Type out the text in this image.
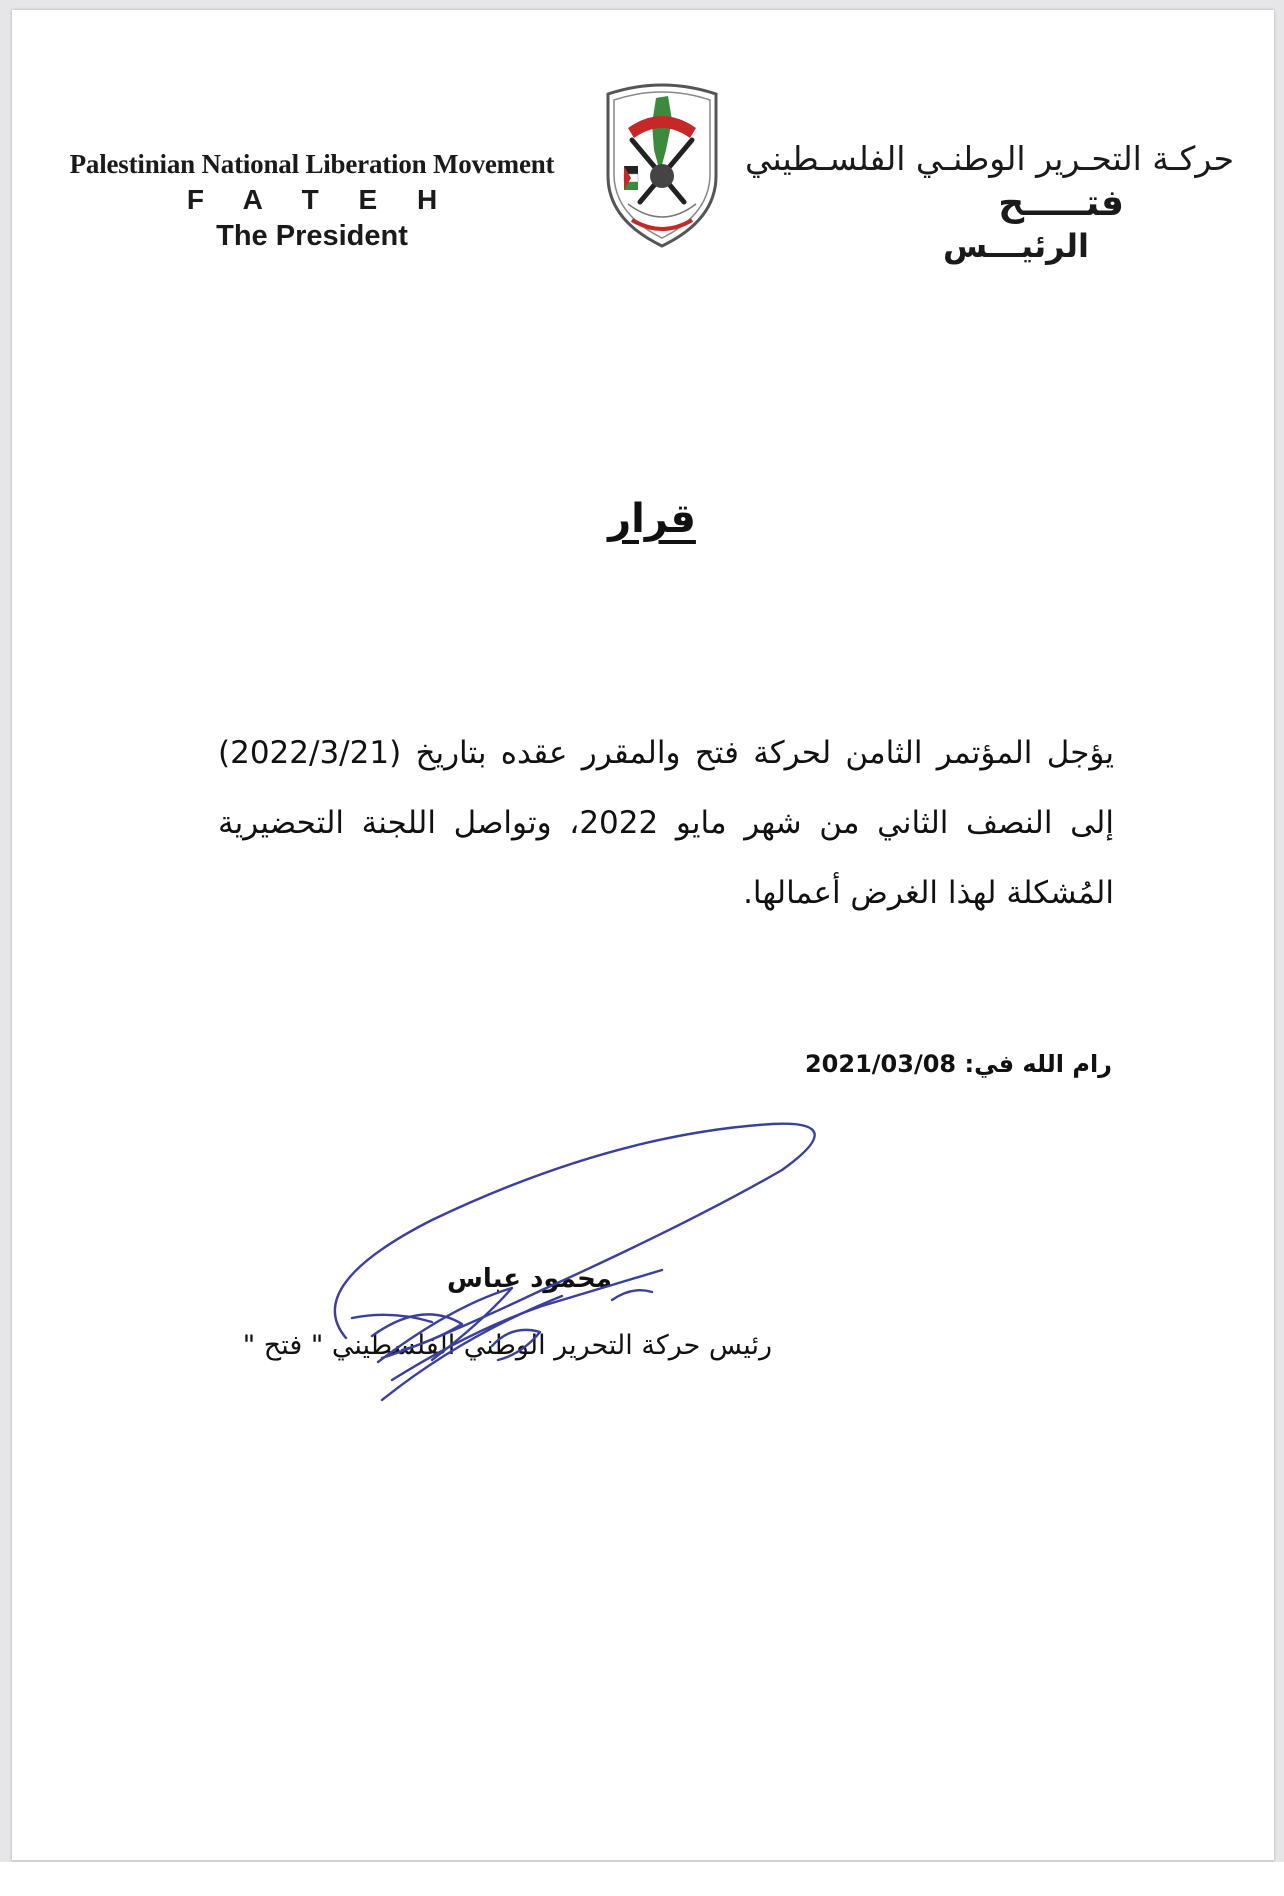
Palestinian National Liberation Movement
F A T E H
The President
حركـة التحـرير الوطنـي الفلسـطيني
فتـــــح
الرئيـــس
قرار
يؤجل المؤتمر الثامن لحركة فتح والمقرر عقده بتاريخ (2022/3/21) إلى النصف الثاني من شهر مايو 2022، وتواصل اللجنة التحضيرية المُشكلة لهذا الغرض أعمالها.
رام الله في: 2021/03/08
محمود عباس
رئيس حركة التحرير الوطني الفلسطيني " فتح "
